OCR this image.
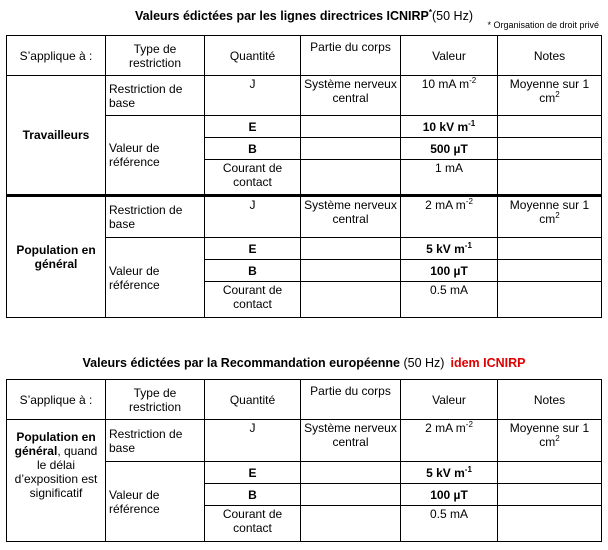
Valeurs édictées par les lignes directrices ICNIRP*(50 Hz)
* Organisation de droit privé
S’applique à :	Type de restriction	Quantité	Partie du corps	Valeur	Notes
Travailleurs	Restriction de base	J	Système nerveux central	10 mA $m^{-2}$	Moyenne sur 1 $cm^2$
	Valeur de référence	E		10 kV $m^{-1}$	
		B		500 µT	
		Courant de contact		1 mA	
Population en général	Restriction de base	J	Système nerveux central	2 mA $m^{-2}$	Moyenne sur 1 $cm^2$
	Valeur de référence	E		5 kV $m^{-1}$	
		B		100 µT	
		Courant de contact		0.5 mA	
Valeurs édictées par la Recommandation européenne (50 Hz) idem ICNIRP
S’applique à :	Type de restriction	Quantité	Partie du corps	Valeur	Notes
Population en général, quand le délai d’exposition est significatif	Restriction de base	J	Système nerveux central	2 mA $m^{-2}$	Moyenne sur 1 $cm^2$
	Valeur de référence	E		5 kV $m^{-1}$	
		B		100 µT	
		Courant de contact		0.5 mA	
